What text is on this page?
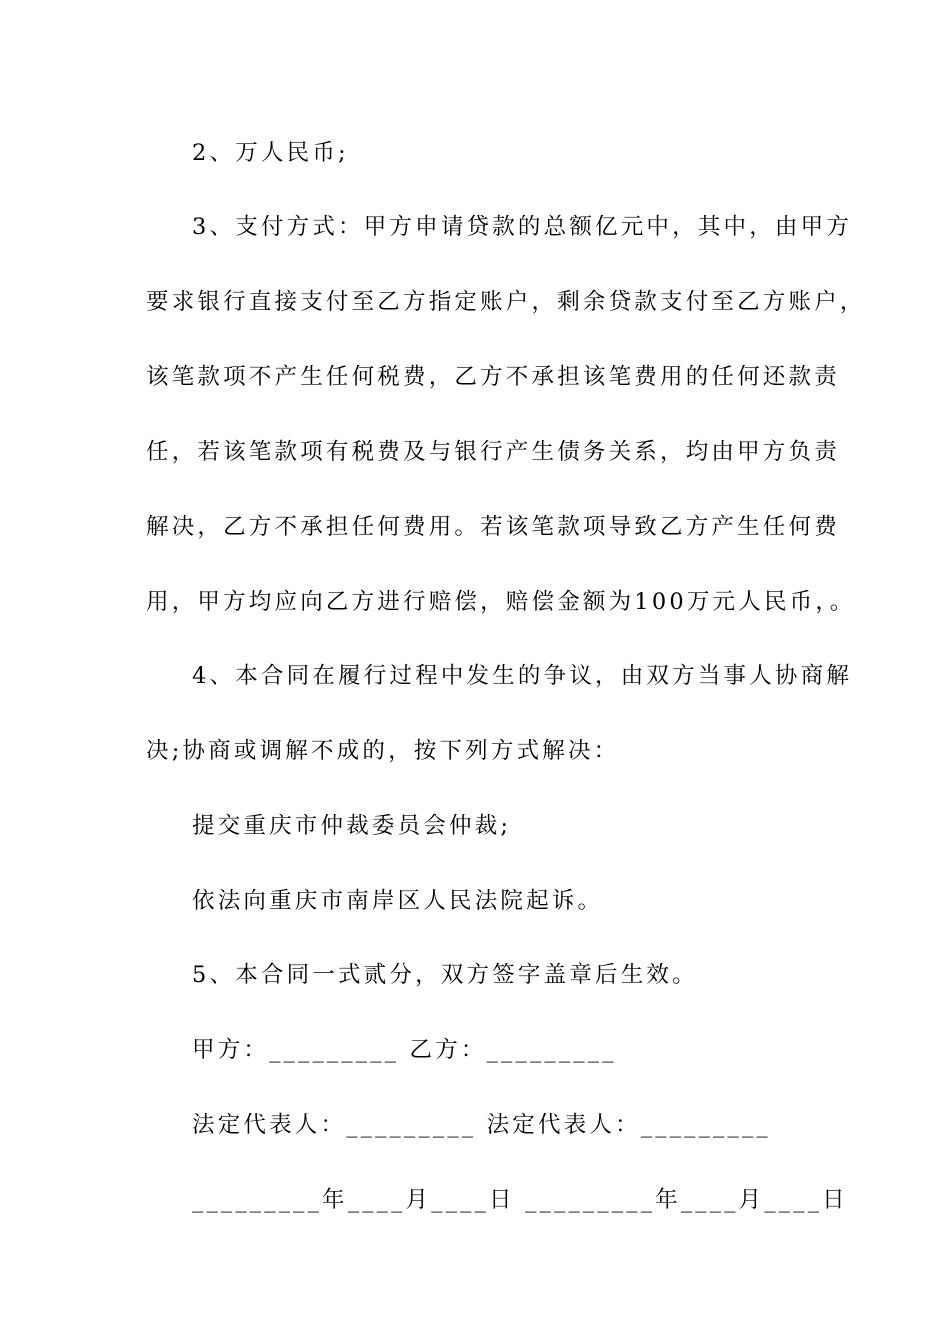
2、万人民币;
3、支付方式：甲方申请贷款的总额亿元中，其中，由甲方
要求银行直接支付至乙方指定账户，剩余贷款支付至乙方账户，
该笔款项不产生任何税费，乙方不承担该笔费用的任何还款责
任，若该笔款项有税费及与银行产生债务关系，均由甲方负责
解决，乙方不承担任何费用。若该笔款项导致乙方产生任何费
用，甲方均应向乙方进行赔偿，赔偿金额为100万元人民币，。
4、本合同在履行过程中发生的争议，由双方当事人协商解
决;协商或调解不成的，按下列方式解决：
提交重庆市仲裁委员会仲裁;
依法向重庆市南岸区人民法院起诉。
5、本合同一式贰分，双方签字盖章后生效。
甲方：_________ 乙方：_________
法定代表人：_________ 法定代表人：_________
_________年____月____日 _________年____月____日
